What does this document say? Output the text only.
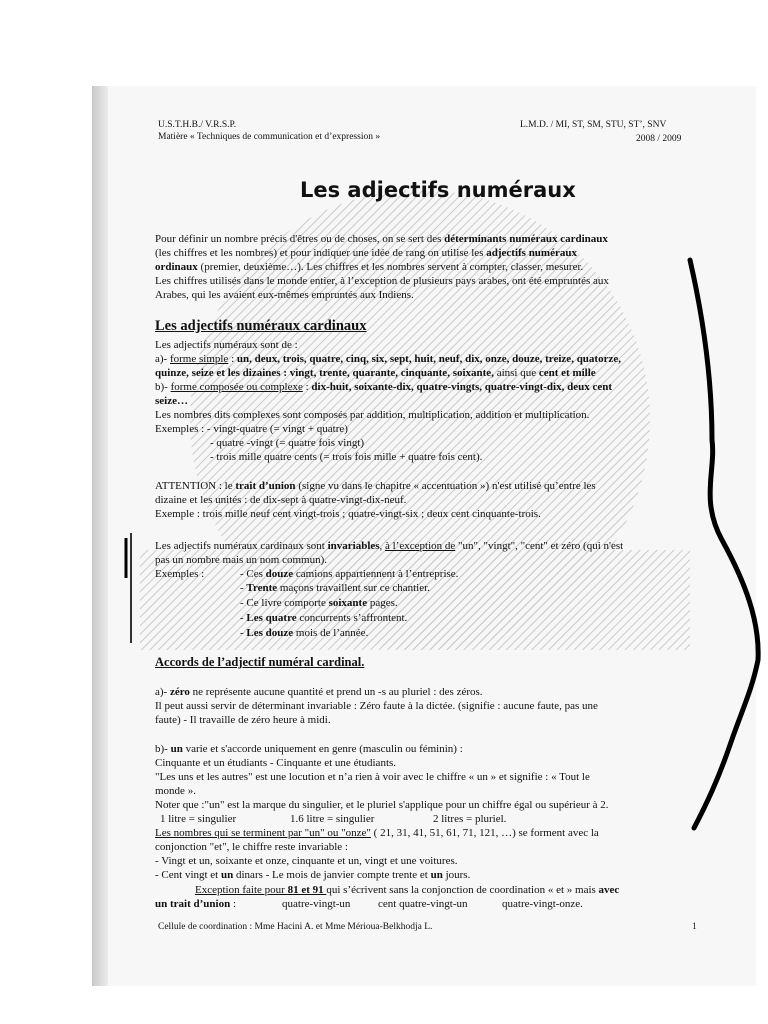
U.S.T.H.B./ V.R.S.P.
Matière « Techniques de communication et d’expression »
L.M.D. / MI, ST, SM, STU, ST’, SNV
2008 / 2009
Les adjectifs numéraux
Pour définir un nombre précis d'êtres ou de choses, on se sert des déterminants numéraux cardinaux
(les chiffres et les nombres) et pour indiquer une idée de rang on utilise les adjectifs numéraux
ordinaux (premier, deuxième…). Les chiffres et les nombres servent à compter, classer, mesurer.
Les chiffres utilisés dans le monde entier, à l’exception de plusieurs pays arabes, ont été empruntés aux
Arabes, qui les avaient eux-mêmes empruntés aux Indiens.
Les adjectifs numéraux cardinaux
Les adjectifs numéraux sont de :
a)- forme simple : un, deux, trois, quatre, cinq, six, sept, huit, neuf, dix, onze, douze, treize, quatorze,
quinze, seize et les dizaines : vingt, trente, quarante, cinquante, soixante, ainsi que cent et mille
b)- forme composée ou complexe : dix-huit, soixante-dix, quatre-vingts, quatre-vingt-dix, deux cent
seize…
Les nombres dits complexes sont composés par addition, multiplication, addition et multiplication.
Exemples : - vingt-quatre (= vingt + quatre)
- quatre -vingt (= quatre fois vingt)
- trois mille quatre cents (= trois fois mille + quatre fois cent).
ATTENTION : le trait d’union (signe vu dans le chapitre « accentuation ») n'est utilisé qu’entre les
dizaine et les unités : de dix-sept à quatre-vingt-dix-neuf.
Exemple : trois mille neuf cent vingt-trois ; quatre-vingt-six ; deux cent cinquante-trois.
Les adjectifs numéraux cardinaux sont invariables, à l’exception de "un", "vingt", "cent" et zéro (qui n'est
pas un nombre mais un nom commun).
Exemples :	- Ces douze camions appartiennent à l’entreprise.
- Trente maçons travaillent sur ce chantier.
- Ce livre comporte soixante pages.
- Les quatre concurrents s’affrontent.
- Les douze mois de l’année.
Accords de l’adjectif numéral cardinal.
a)- zéro ne représente aucune quantité et prend un -s au pluriel : des zéros.
Il peut aussi servir de déterminant invariable : Zéro faute à la dictée. (signifie : aucune faute, pas une
faute) - Il travaille de zéro heure à midi.
b)- un varie et s'accorde uniquement en genre (masculin ou féminin) :
Cinquante et un étudiants - Cinquante et une étudiants.
"Les uns et les autres" est une locution et n’a rien à voir avec le chiffre « un » et signifie : « Tout le
monde ».
Noter que :"un" est la marque du singulier, et le pluriel s'applique pour un chiffre égal ou supérieur à 2.
1 litre = singulier	1.6 litre = singulier	2 litres = pluriel.
Les nombres qui se terminent par "un" ou "onze" ( 21, 31, 41, 51, 61, 71, 121, …) se forment avec la
conjonction "et", le chiffre reste invariable :
- Vingt et un, soixante et onze, cinquante et un, vingt et une voitures.
- Cent vingt et un dinars - Le mois de janvier compte trente et un jours.
Exception faite pour 81 et 91 qui s’écrivent sans la conjonction de coordination « et » mais avec
un trait d’union :	quatre-vingt-un	cent quatre-vingt-un	quatre-vingt-onze.
Cellule de coordination : Mme Hacini A. et Mme Mérioua-Belkhodja L.	1
